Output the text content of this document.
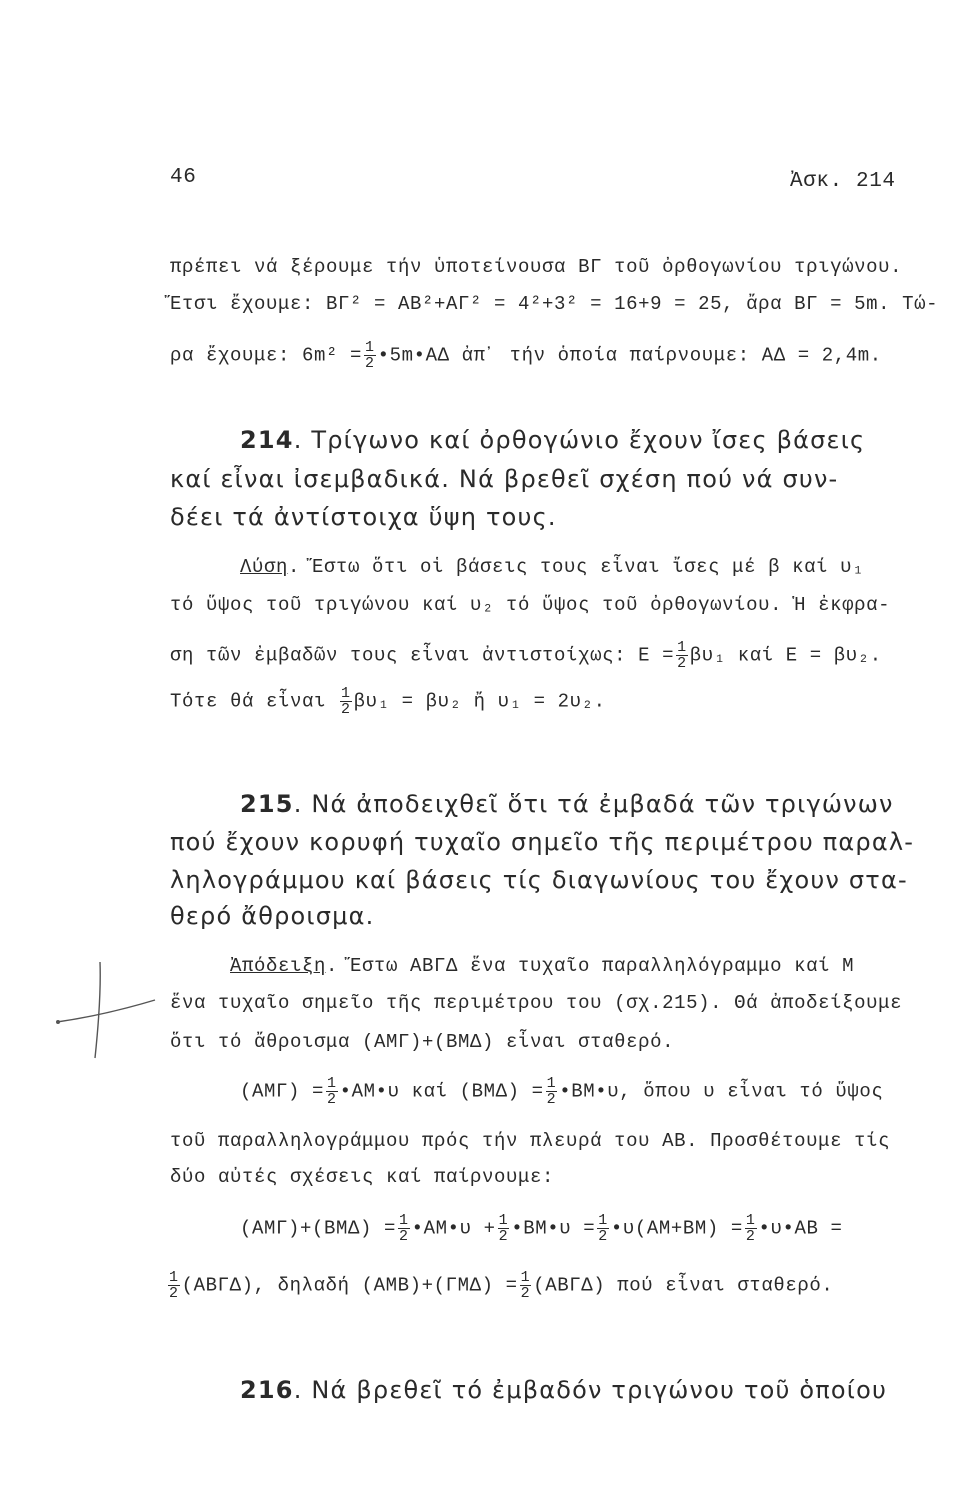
46	Ἀσκ. 214
πρέπει νά ξέρουμε τήν ὑποτείνουσα ΒΓ τοῦ ὀρθογωνίου τριγώνου.
Ἔτσι ἔχουμε: ΒΓ² = ΑΒ²+ΑΓ² = 4²+3² = 16+9 = 25, ἄρα ΒΓ = 5m. Τώ-
ρα ἔχουμε: $6m^2 = \frac{1}{2}$ •5m•ΑΔ ἀπ᾿ τήν ὁποία παίρνουμε: ΑΔ = 2,4m.
214. Τρίγωνο καί ὀρθογώνιο ἔχουν ἴσες βάσεις
καί εἶναι ἰσεμβαδικά. Νά βρεθεῖ σχέση πού νά συν-
δέει τά ἀντίστοιχα ὕψη τους.
Λύση. Ἔστω ὅτι οἱ βάσεις τους εἶναι ἴσες μέ β καί υ₁
τό ὕψος τοῦ τριγώνου καί υ₂ τό ὕψος τοῦ ὀρθογωνίου. Ἡ ἐκφρα-
ση τῶν ἐμβαδῶν τους εἶναι ἀντιστοίχως: $E = \frac{1}{2} \beta\upsilon_1$ καί Ε = βυ₂.
Τότε θά εἶναι $\frac{1}{2} \beta\upsilon_1 = \beta\upsilon_2$ ἤ υ₁ = 2υ₂.
215. Νά ἀποδειχθεῖ ὅτι τά ἐμβαδά τῶν τριγώνων
πού ἔχουν κορυφή τυχαῖο σημεῖο τῆς περιμέτρου παραλ-
ληλογράμμου καί βάσεις τίς διαγωνίους του ἔχουν στα-
θερό ἄθροισμα.
Ἀπόδειξη. Ἔστω ΑΒΓΔ ἕνα τυχαῖο παραλληλόγραμμο καί Μ
ἕνα τυχαῖο σημεῖο τῆς περιμέτρου του (σχ.215). Θά ἀποδείξουμε
ὅτι τό ἄθροισμα (ΑΜΓ)+(ΒΜΔ) εἶναι σταθερό.
$(AM\Gamma) = \frac{1}{2}$ •ΑΜ•υ καί $(BM\Delta) = \frac{1}{2}$ •ΒΜ•υ, ὅπου υ εἶναι τό ὕψος
τοῦ παραλληλογράμμου πρός τήν πλευρά του ΑΒ. Προσθέτουμε τίς
δύο αὐτές σχέσεις καί παίρνουμε:
$(AM\Gamma)+(BM\Delta) = \frac{1}{2}$ •ΑΜ•υ + $\frac{1}{2}$ •ΒΜ•υ = $\frac{1}{2}$ •υ(ΑΜ+ΒΜ) = $\frac{1}{2}$ •υ•ΑΒ =
$\frac{1}{2} (AB\Gamma\Delta)$, δηλαδή $(AMB)+(\Gamma M\Delta) = \frac{1}{2} (AB\Gamma\Delta)$ πού εἶναι σταθερό.
216. Νά βρεθεῖ τό ἐμβαδόν τριγώνου τοῦ ὁποίου
